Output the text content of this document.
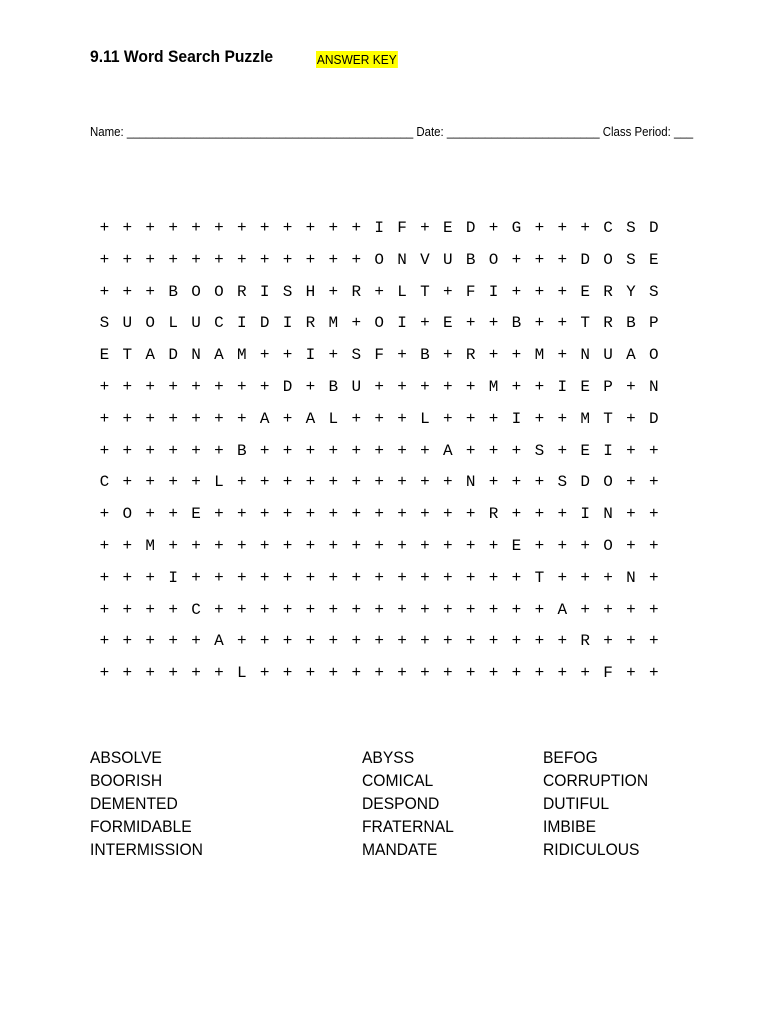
9.11 Word Search Puzzle	ANSWER KEY
Name: _____________________________________________ Date: ________________________ Class Period: ___
+ + + + + + + + + + + + I F + E D + G + + + C S D
+ + + + + + + + + + + + O N V U B O + + + D O S E
+ + + B O O R I S H + R + L T + F I + + + E R Y S
S U O L U C I D I R M + O I + E + + B + + T R B P
E T A D N A M + + I + S F + B + R + + M + N U A O
+ + + + + + + + D + B U + + + + + M + + I E P + N
+ + + + + + + A + A L + + + L + + + I + + M T + D
+ + + + + + B + + + + + + + + A + + + S + E I + +
C + + + + L + + + + + + + + + + N + + + S D O + +
+ O + + E + + + + + + + + + + + + R + + + I N + +
+ + M + + + + + + + + + + + + + + + E + + + O + +
+ + + I + + + + + + + + + + + + + + + T + + + N +
+ + + + C + + + + + + + + + + + + + + + A + + + +
+ + + + + A + + + + + + + + + + + + + + + R + + +
+ + + + + + L + + + + + + + + + + + + + + + F + +
ABSOLVE
BOORISH
DEMENTED
FORMIDABLE
INTERMISSION
ABYSS
COMICAL
DESPOND
FRATERNAL
MANDATE
BEFOG
CORRUPTION
DUTIFUL
IMBIBE
RIDICULOUS
